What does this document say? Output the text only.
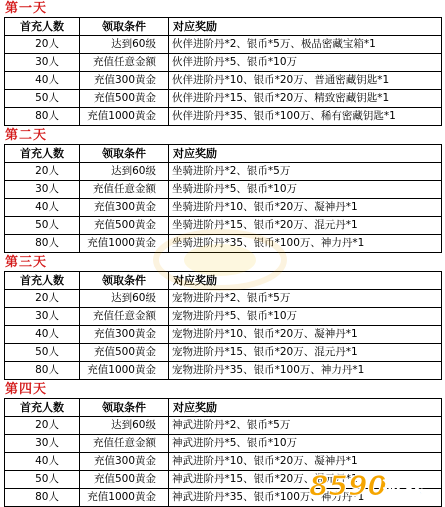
第一天
首充人数	领取条件	对应奖励
20人	达到60级	伙伴进阶丹*2、银币*5万、极品密藏宝箱*1
30人	充值任意金额	伙伴进阶丹*5、银币*10万
40人	充值300黄金	伙伴进阶丹*10、银币*20万、普通密藏钥匙*1
50人	充值500黄金	伙伴进阶丹*15、银币*20万、精致密藏钥匙*1
80人	充值1000黄金	伙伴进阶丹*35、银币*100万、稀有密藏钥匙*1
第二天
首充人数	领取条件	对应奖励
20人	达到60级	坐骑进阶丹*2、银币*5万
30人	充值任意金额	坐骑进阶丹*5、银币*10万
40人	充值300黄金	坐骑进阶丹*10、银币*20万、凝神丹*1
50人	充值500黄金	坐骑进阶丹*15、银币*20万、混元丹*1
80人	充值1000黄金	坐骑进阶丹*35、银币*100万、神力丹*1
第三天
首充人数	领取条件	对应奖励
20人	达到60级	宠物进阶丹*2、银币*5万
30人	充值任意金额	宠物进阶丹*5、银币*10万
40人	充值300黄金	宠物进阶丹*10、银币*20万、凝神丹*1
50人	充值500黄金	宠物进阶丹*15、银币*20万、混元丹*1
80人	充值1000黄金	宠物进阶丹*35、银币*100万、神力丹*1
第四天
首充人数	领取条件	对应奖励
20人	达到60级	神武进阶丹*2、银币*5万
30人	充值任意金额	神武进阶丹*5、银币*10万
40人	充值300黄金	神武进阶丹*10、银币*20万、凝神丹*1
50人	充值500黄金	神武进阶丹*15、银币*20万、混元丹*1
80人	充值1000黄金	神武进阶丹*35、银币*100万、神力丹*1
8590
游戏
